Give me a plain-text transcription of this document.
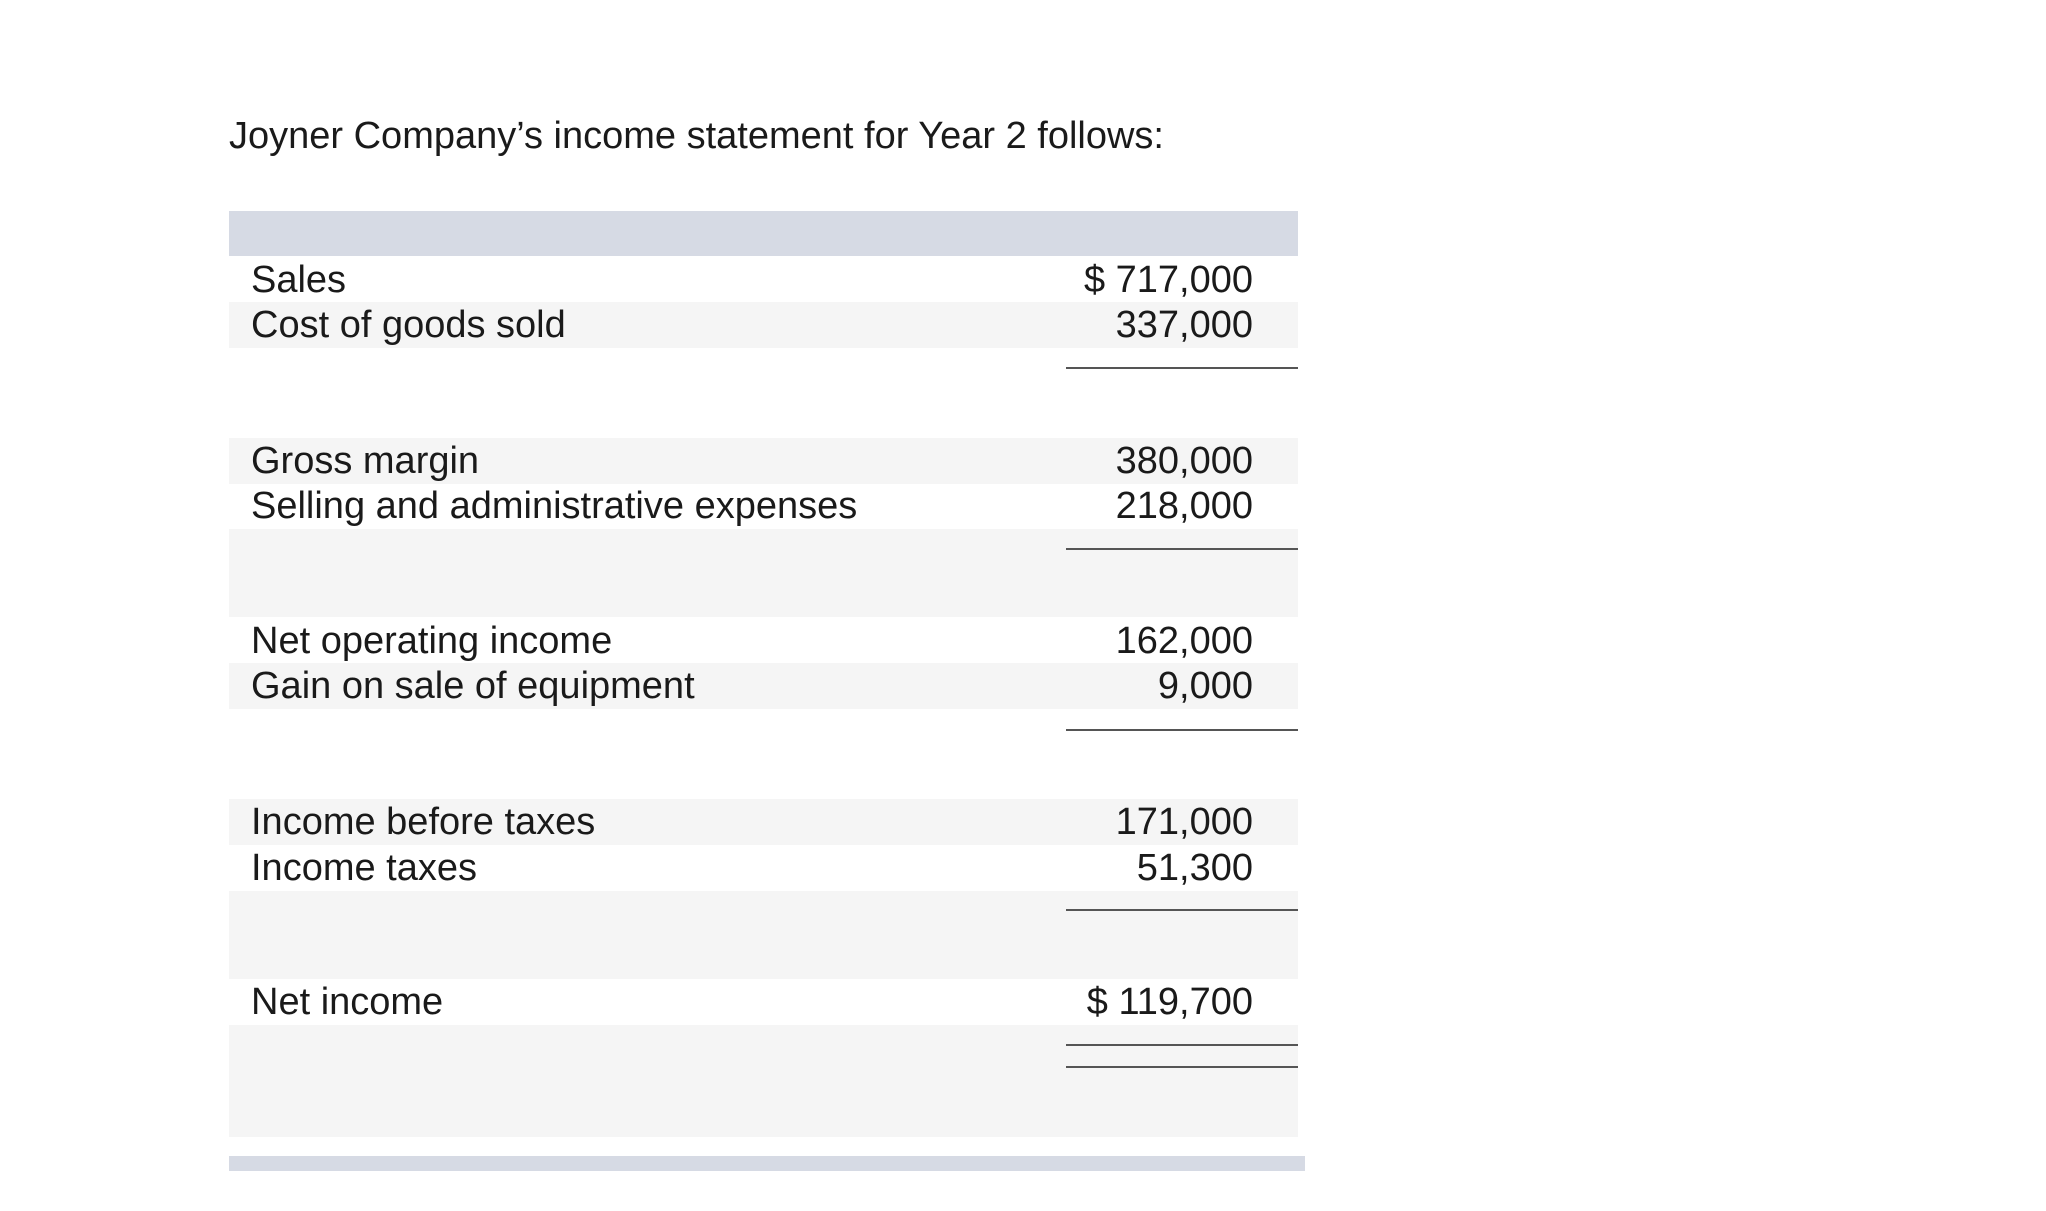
Joyner Company’s income statement for Year 2 follows:
Sales	$ 717,000
Cost of goods sold	337,000
Gross margin	380,000
Selling and administrative expenses	218,000
Net operating income	162,000
Gain on sale of equipment	9,000
Income before taxes	171,000
Income taxes	51,300
Net income	$ 119,700
